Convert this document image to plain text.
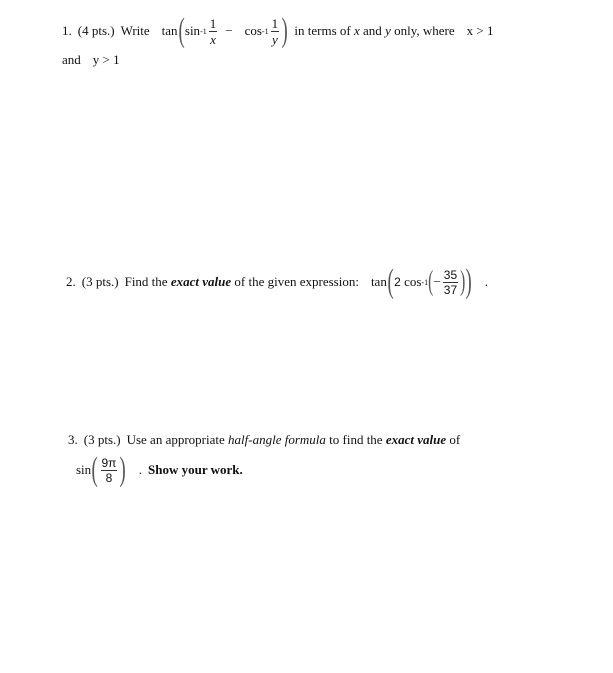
1. (4 pts.) Write tan ( $\sin -1 \frac{1}{x} - \cos -1 \frac{1}{y}$ ) in terms of
x
and
y
only, where x > 1
and y > 1
2. (3 pts.) Find the
exact value
of the given expression: tan ( 2
cos -1 ( − $\frac{35}{37}$ ) ) .
3. (3 pts.) Use an appropriate
half-angle formula
to find the
exact value
of
sin ( $\frac{9\pi}{8}$ ) . Show your work.
